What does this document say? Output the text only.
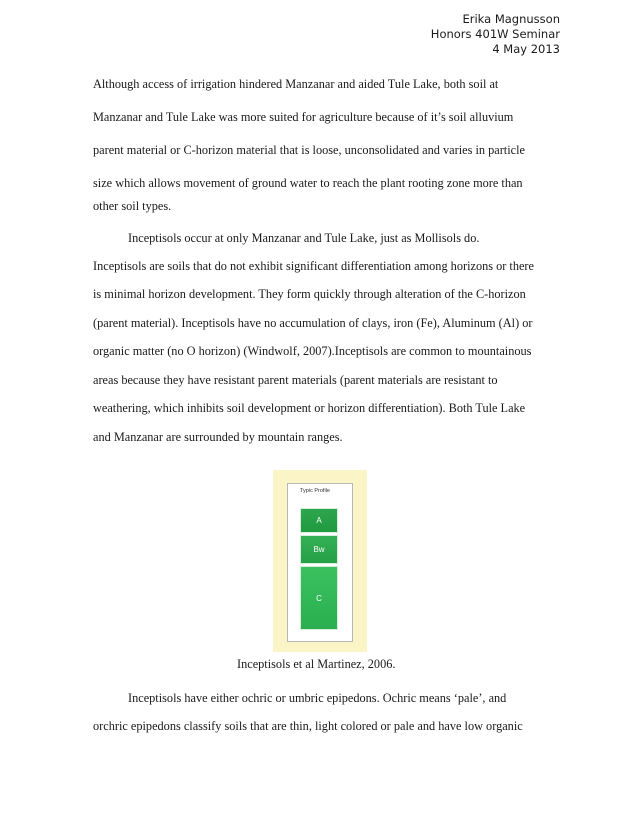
Erika Magnusson
Honors 401W Seminar
4 May 2013
Although access of irrigation hindered Manzanar and aided Tule Lake, both soil at
Manzanar and Tule Lake was more suited for agriculture because of it’s soil alluvium
parent material or C-horizon material that is loose, unconsolidated and varies in particle
size which allows movement of ground water to reach the plant rooting zone more than
other soil types.
Inceptisols occur at only Manzanar and Tule Lake, just as Mollisols do.
Inceptisols are soils that do not exhibit significant differentiation among horizons or there
is minimal horizon development. They form quickly through alteration of the C-horizon
(parent material). Inceptisols have no accumulation of clays, iron (Fe), Aluminum (Al) or
organic matter (no O horizon) (Windwolf, 2007).Inceptisols are common to mountainous
areas because they have resistant parent materials (parent materials are resistant to
weathering, which inhibits soil development or horizon differentiation). Both Tule Lake
and Manzanar are surrounded by mountain ranges.
Typic Profile
A
Bw
C
Inceptisols et al Martinez, 2006.
Inceptisols have either ochric or umbric epipedons. Ochric means ‘pale’, and
orchric epipedons classify soils that are thin, light colored or pale and have low organic
